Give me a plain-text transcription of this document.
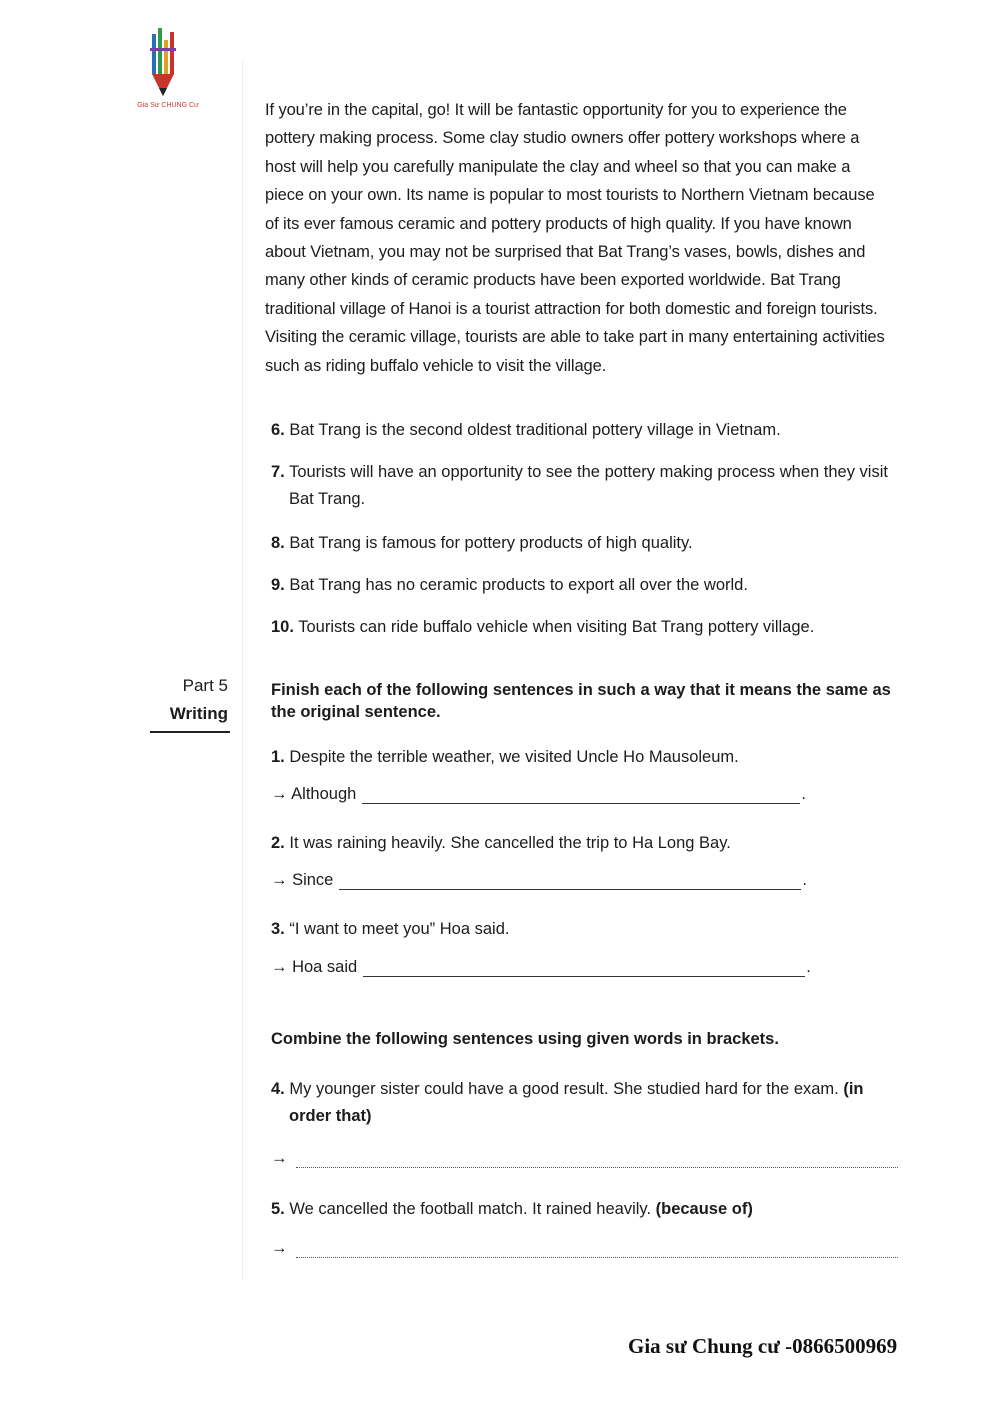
Gia Sư CHUNG Cư	If you’re in the capital, go! It will be fantastic opportunity for you to experience the pottery making process. Some clay studio owners offer pottery workshops where a host will help you carefully manipulate the clay and wheel so that you can make a piece on your own. Its name is popular to most tourists to Northern Vietnam because of its ever famous ceramic and pottery products of high quality. If you have known about Vietnam, you may not be surprised that Bat Trang’s vases, bowls, dishes and many other kinds of ceramic products have been exported worldwide. Bat Trang traditional village of Hanoi is a tourist attraction for both domestic and foreign tourists. Visiting the ceramic village, tourists are able to take part in many entertaining activities such as riding buffalo vehicle to visit the village.
6. Bat Trang is the second oldest traditional pottery village in Vietnam.
7. Tourists will have an opportunity to see the pottery making process when they visit Bat Trang.
8. Bat Trang is famous for pottery products of high quality.
9. Bat Trang has no ceramic products to export all over the world.
10. Tourists can ride buffalo vehicle when visiting Bat Trang pottery village.
Part 5
Writing
Finish each of the following sentences in such a way that it means the same as the original sentence.
1. Despite the terrible weather, we visited Uncle Ho Mausoleum.
→ Although	.
2. It was raining heavily. She cancelled the trip to Ha Long Bay.
→ Since	.
3. “I want to meet you” Hoa said.
→ Hoa said	.
Combine the following sentences using given words in brackets.
4. My younger sister could have a good result. She studied hard for the exam. (in order that)
→
5. We cancelled the football match. It rained heavily. (because of)
→
Gia sư Chung cư -0866500969
